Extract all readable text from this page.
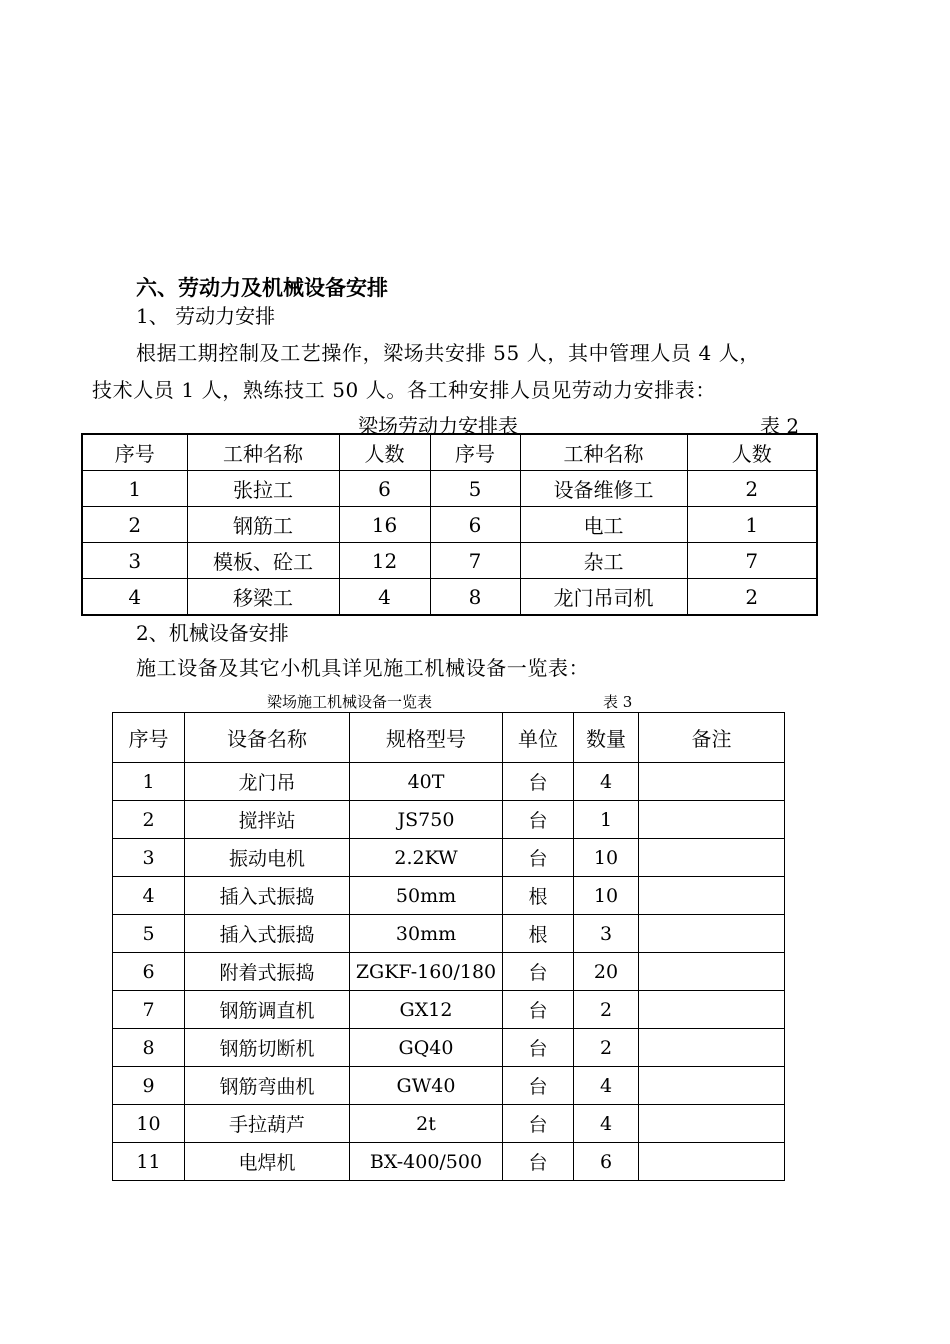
六、劳动力及机械设备安排
1、 劳动力安排
根据工期控制及工艺操作，梁场共安排 55 人，其中管理人员 4 人，
技术人员 1 人，熟练技工 50 人。各工种安排人员见劳动力安排表：
梁场劳动力安排表	表 2
序号	工种名称	人数	序号	工种名称	人数
1	张拉工	6	5	设备维修工	2
2	钢筋工	16	6	电工	1
3	模板、砼工	12	7	杂工	7
4	移梁工	4	8	龙门吊司机	2
2、机械设备安排
施工设备及其它小机具详见施工机械设备一览表：
梁场施工机械设备一览表	表 3
序号	设备名称	规格型号	单位	数量	备注
1	龙门吊	40T	台	4	
2	搅拌站	JS750	台	1	
3	振动电机	2.2KW	台	10	
4	插入式振捣	50mm	根	10	
5	插入式振捣	30mm	根	3	
6	附着式振捣	ZGKF-160/180	台	20	
7	钢筋调直机	GX12	台	2	
8	钢筋切断机	GQ40	台	2	
9	钢筋弯曲机	GW40	台	4	
10	手拉葫芦	2t	台	4	
11	电焊机	BX-400/500	台	6	
